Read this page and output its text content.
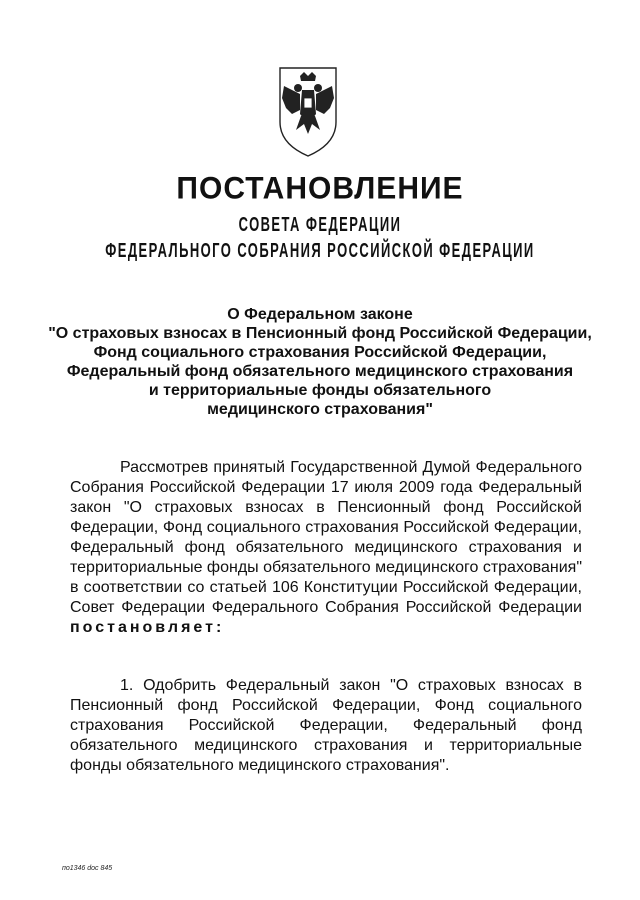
ПОСТАНОВЛЕНИЕ
СОВЕТА ФЕДЕРАЦИИ
ФЕДЕРАЛЬНОГО СОБРАНИЯ РОССИЙСКОЙ ФЕДЕРАЦИИ
О Федеральном законе
"О страховых взносах в Пенсионный фонд Российской Федерации,
Фонд социального страхования Российской Федерации,
Федеральный фонд обязательного медицинского страхования
и территориальные фонды обязательного
медицинского страхования"
Рассмотрев принятый Государственной Думой Федерального Собрания Российской Федерации 17 июля 2009 года Федеральный закон "О страховых взносах в Пенсионный фонд Российской Федерации, Фонд социального страхования Российской Федерации, Федеральный фонд обязательного медицинского страхования и территориальные фонды обязательного медицинского страхования" в соответствии со статьей 106 Конституции Российской Федерации, Совет Федерации Федерального Собрания Российской Федерации постановляет:
1. Одобрить Федеральный закон "О страховых взносах в Пенсионный фонд Российской Федерации, Фонд социального страхования Российской Федерации, Федеральный фонд обязательного медицинского страхования и территориальные фонды обязательного медицинского страхования".
по1346 doc 845
